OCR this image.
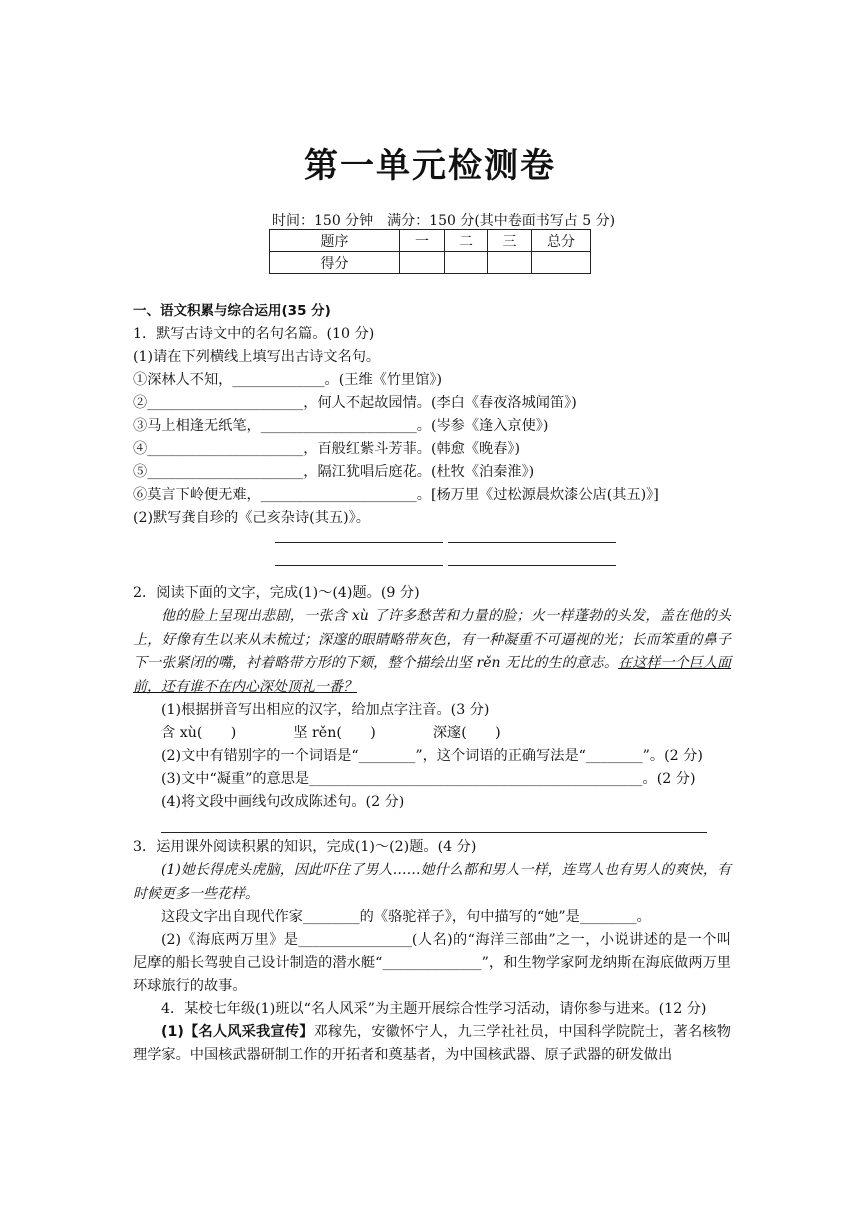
第一单元检测卷
时间：150 分钟　满分：150 分(其中卷面书写占 5 分)
题序	一	二	三	总分
得分				
一、语文积累与综合运用(35 分)
1．默写古诗文中的名句名篇。(10 分)
(1)请在下列横线上填写出古诗文名句。
①深林人不知，_____________。(王维《竹里馆》)
②______________________，何人不起故园情。(李白《春夜洛城闻笛》)
③马上相逢无纸笔，______________________。(岑参《逢入京使》)
④______________________，百般红紫斗芳菲。(韩愈《晚春》)
⑤______________________，隔江犹唱后庭花。(杜牧《泊秦淮》)
⑥莫言下岭便无难，______________________。[杨万里《过松源晨炊漆公店(其五)》]
(2)默写龚自珍的《己亥杂诗(其五)》。
2．阅读下面的文字，完成(1)～(4)题。(9 分)
他的脸上呈现出悲剧，一张含 xù 了许多愁苦和力量的脸；火一样蓬勃的头发，盖在他的头上，好像有生以来从未梳过；深邃的眼睛略带灰色，有一种凝重不可逼视的光；长而笨重的鼻子下一张紧闭的嘴，衬着略带方形的下颏，整个描绘出坚 rěn 无比的生的意志。在这样一个巨人面前，还有谁不在内心深处顶礼一番？
(1)根据拼音写出相应的汉字，给加点字注音。(3 分)
含 xù(　　)	坚 rěn(　　)	深邃(　　)
(2)文中有错别字的一个词语是“________”，这个词语的正确写法是“________”。(2 分)
(3)文中“凝重”的意思是_______________________________________________。(2 分)
(4)将文段中画线句改成陈述句。(2 分)
3．运用课外阅读积累的知识，完成(1)～(2)题。(4 分)
(1)她长得虎头虎脑，因此吓住了男人……她什么都和男人一样，连骂人也有男人的爽快，有时候更多一些花样。
这段文字出自现代作家________的《骆驼祥子》，句中描写的“她”是________。
(2)《海底两万里》是________________(人名)的“海洋三部曲”之一，小说讲述的是一个叫尼摩的船长驾驶自己设计制造的潜水艇“______________”，和生物学家阿龙纳斯在海底做两万里环球旅行的故事。
4．某校七年级(1)班以“名人风采”为主题开展综合性学习活动，请你参与进来。(12 分)
(1)【名人风采我宣传】邓稼先，安徽怀宁人，九三学社社员，中国科学院院士，著名核物理学家。中国核武器研制工作的开拓者和奠基者，为中国核武器、原子武器的研发做出
